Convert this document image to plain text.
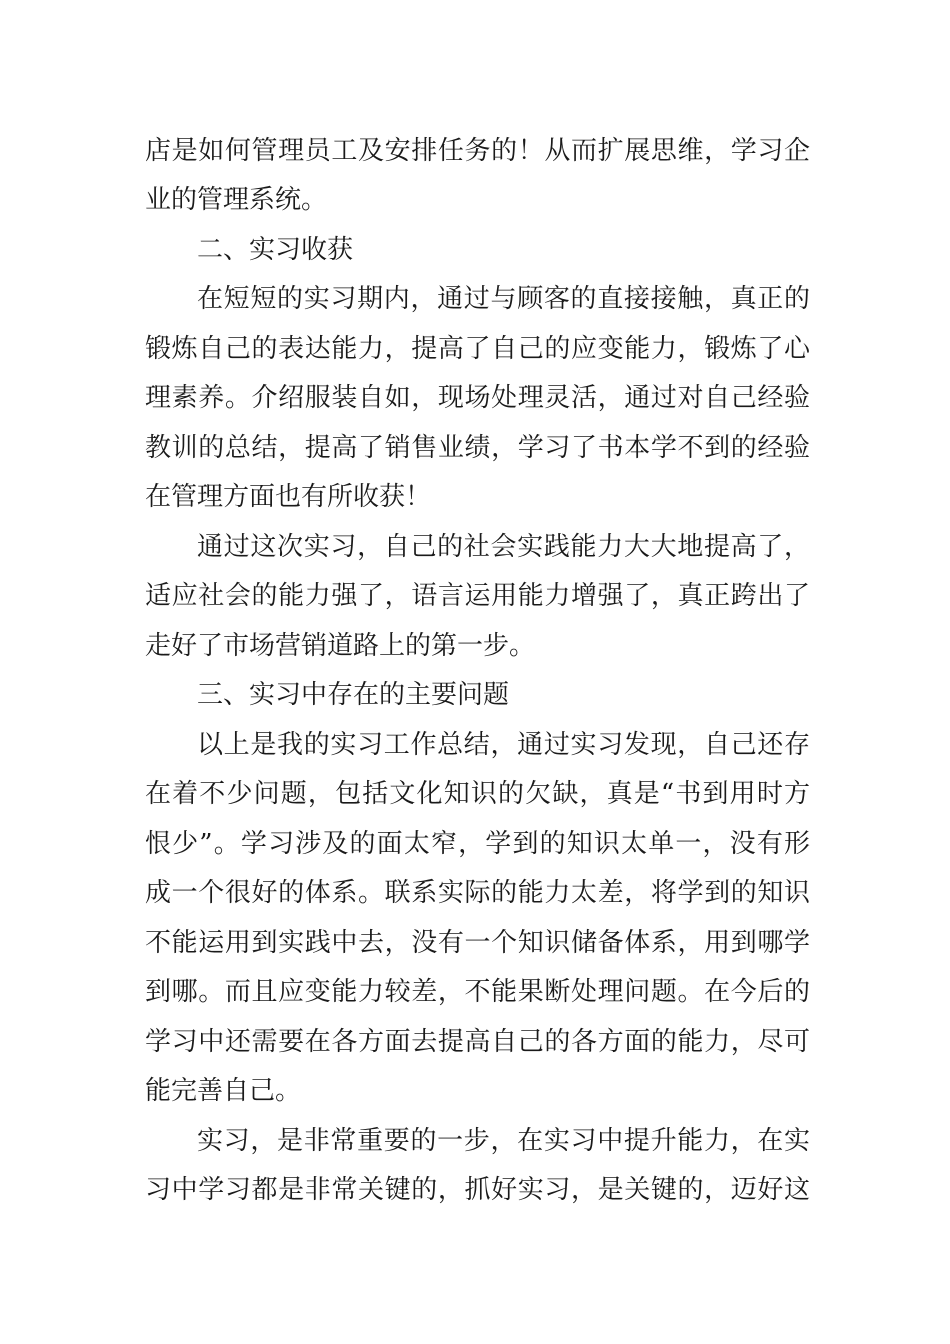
店是如何管理员工及安排任务的！从而扩展思维，学习企
业的管理系统。
二、实习收获
在短短的实习期内，通过与顾客的直接接触，真正的
锻炼自己的表达能力，提高了自己的应变能力，锻炼了心
理素养。介绍服装自如，现场处理灵活，通过对自己经验
教训的总结，提高了销售业绩，学习了书本学不到的经验
在管理方面也有所收获！
通过这次实习，自己的社会实践能力大大地提高了，
适应社会的能力强了，语言运用能力增强了，真正跨出了
走好了市场营销道路上的第一步。
三、实习中存在的主要问题
以上是我的实习工作总结，通过实习发现，自己还存
在着不少问题，包括文化知识的欠缺，真是“书到用时方
恨少”。学习涉及的面太窄，学到的知识太单一，没有形
成一个很好的体系。联系实际的能力太差，将学到的知识
不能运用到实践中去，没有一个知识储备体系，用到哪学
到哪。而且应变能力较差，不能果断处理问题。在今后的
学习中还需要在各方面去提高自己的各方面的能力，尽可
能完善自己。
实习，是非常重要的一步，在实习中提升能力，在实
习中学习都是非常关键的，抓好实习，是关键的，迈好这
